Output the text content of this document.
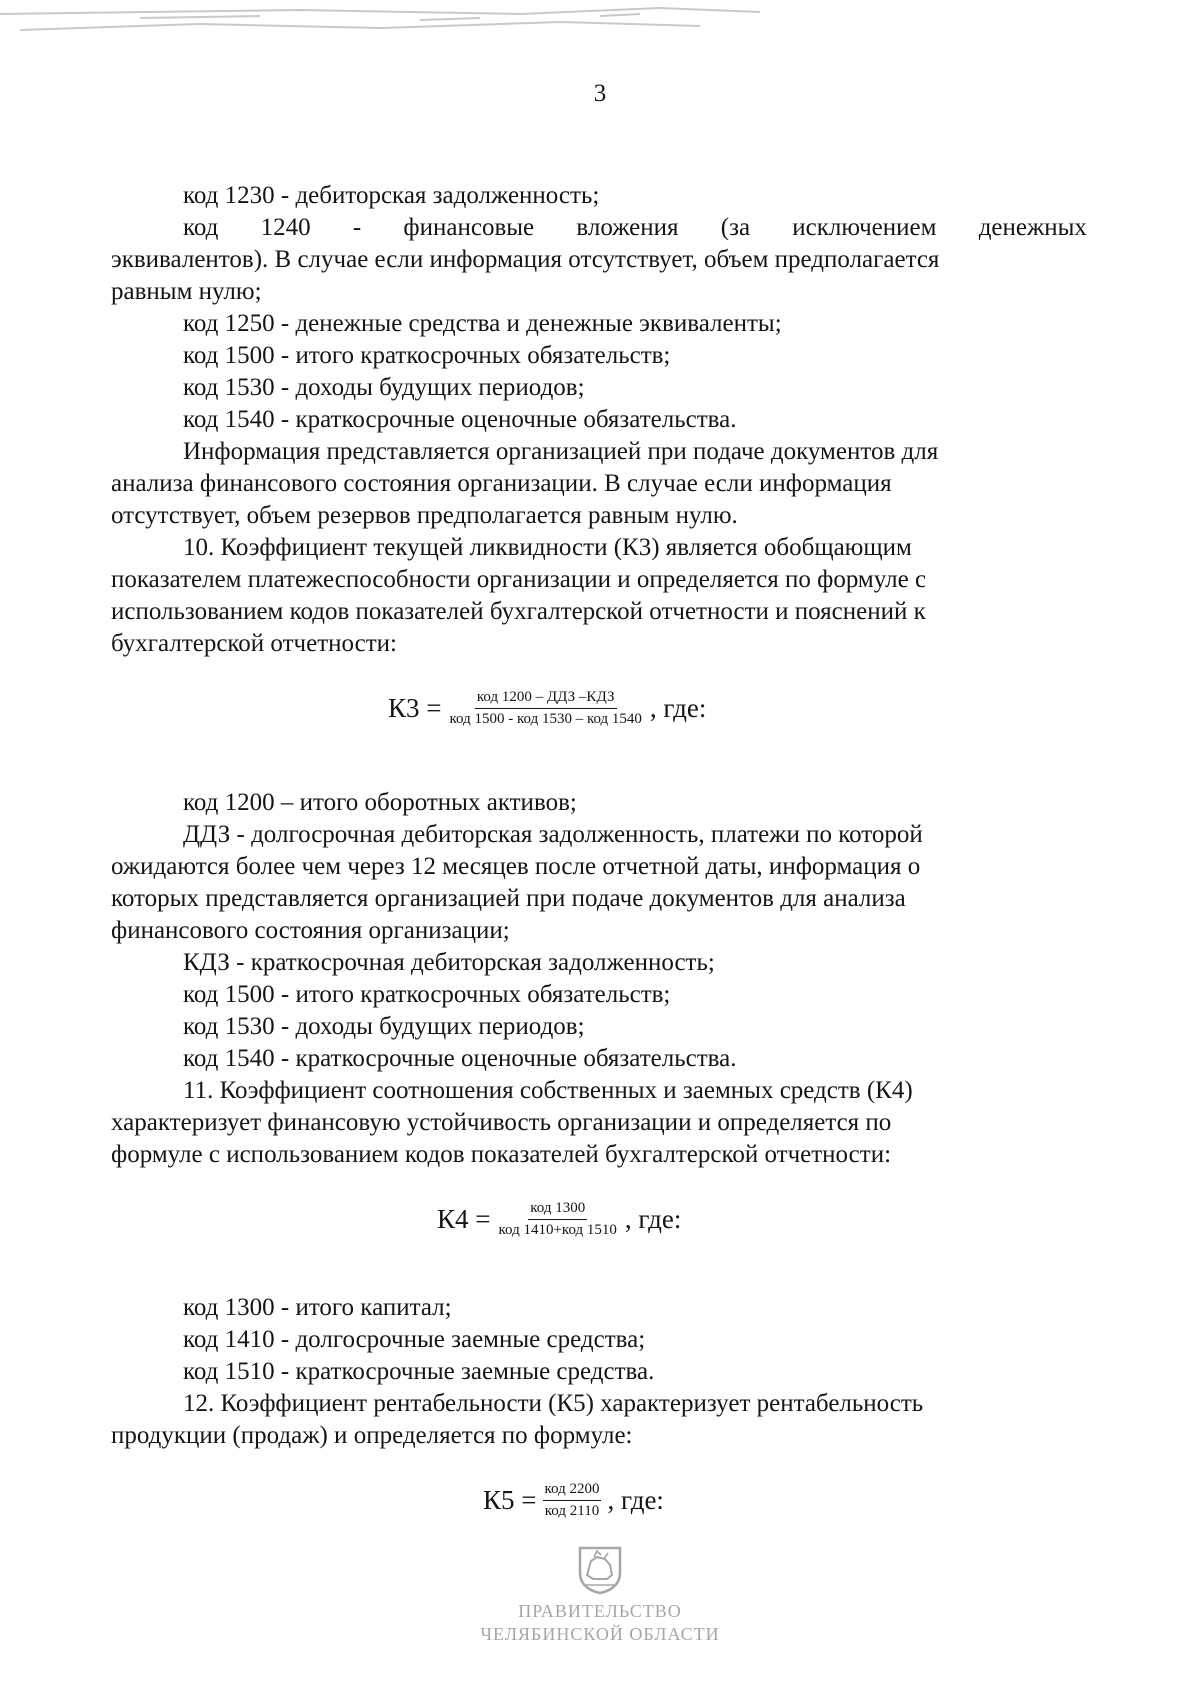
3
код 1230 - дебиторская задолженность;
код 1240 - финансовые вложения (за исключением денежных
эквивалентов). В случае если информация отсутствует, объем предполагается
равным нулю;
код 1250 - денежные средства и денежные эквиваленты;
код 1500 - итого краткосрочных обязательств;
код 1530 - доходы будущих периодов;
код 1540 - краткосрочные оценочные обязательства.
Информация представляется организацией при подаче документов для
анализа финансового состояния организации. В случае если информация
отсутствует, объем резервов предполагается равным нулю.
10. Коэффициент текущей ликвидности (К3) является обобщающим
показателем платежеспособности организации и определяется по формуле с
использованием кодов показателей бухгалтерской отчетности и пояснений к
бухгалтерской отчетности:
$К3 = \frac{\text{код 1200 – ДДЗ –КДЗ}}{\text{код 1500 - код 1530 – код 1540}}$ , где:
код 1200 – итого оборотных активов;
ДДЗ - долгосрочная дебиторская задолженность, платежи по которой
ожидаются более чем через 12 месяцев после отчетной даты, информация о
которых представляется организацией при подаче документов для анализа
финансового состояния организации;
КДЗ - краткосрочная дебиторская задолженность;
код 1500 - итого краткосрочных обязательств;
код 1530 - доходы будущих периодов;
код 1540 - краткосрочные оценочные обязательства.
11. Коэффициент соотношения собственных и заемных средств (К4)
характеризует финансовую устойчивость организации и определяется по
формуле с использованием кодов показателей бухгалтерской отчетности:
$К4 = \frac{\text{код 1300}}{\text{код 1410+код 1510}}$ , где:
код 1300 - итого капитал;
код 1410 - долгосрочные заемные средства;
код 1510 - краткосрочные заемные средства.
12. Коэффициент рентабельности (К5) характеризует рентабельность
продукции (продаж) и определяется по формуле:
$К5 = \frac{\text{код 2200}}{\text{код 2110}}$ , где:
ПРАВИТЕЛЬСТВО
ЧЕЛЯБИНСКОЙ ОБЛАСТИ
